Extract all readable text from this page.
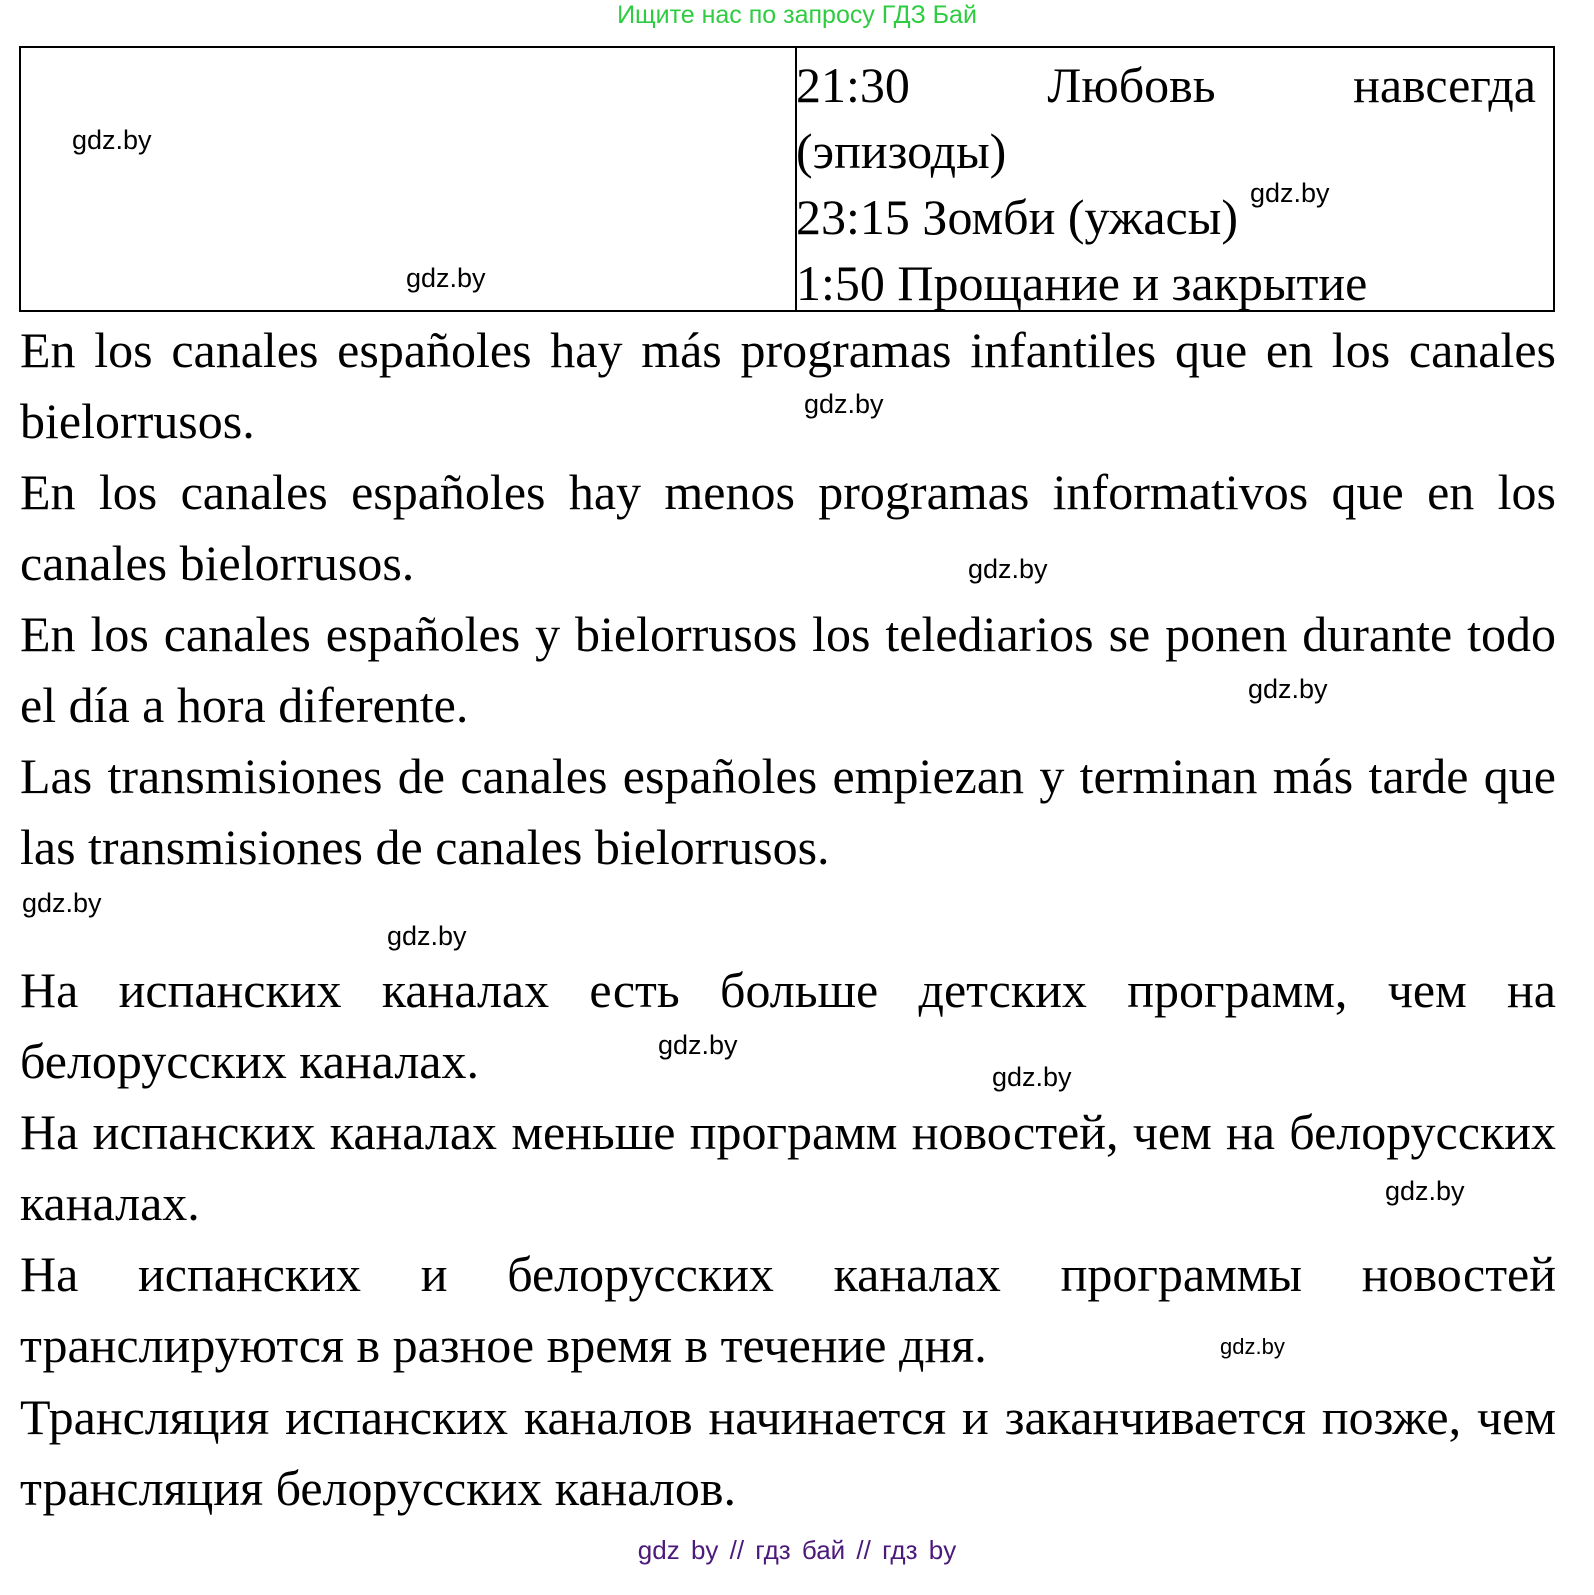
Ищите нас по запросу ГДЗ Бай
21:30 Любовь навсегда
(эпизоды)
23:15 Зомби (ужасы) $^{gdz.by}$
1:50 Прощание и закрытие
En los canales españoles hay más programas infantiles que en los canales bielorrusos.
En los canales españoles hay menos programas informativos que en los canales bielorrusos.
En los canales españoles y bielorrusos los telediarios se ponen durante todo el día a hora diferente.
Las transmisiones de canales españoles empiezan y terminan más tarde que las transmisiones de canales bielorrusos.
На испанских каналах есть больше детских программ, чем на белорусских каналах.
На испанских каналах меньше программ новостей, чем на белорусских каналах.
На испанских и белорусских каналах программы новостей транслируются в разное время в течение дня.
Трансляция испанских каналов начинается и заканчивается позже, чем трансляция белорусских каналов.
gdz.by
gdz.by
gdz.by
gdz.by
gdz.by
gdz.by
gdz.by
gdz.by
gdz.by
gdz.by
gdz.by
gdz by // гдз бай // гдз by
